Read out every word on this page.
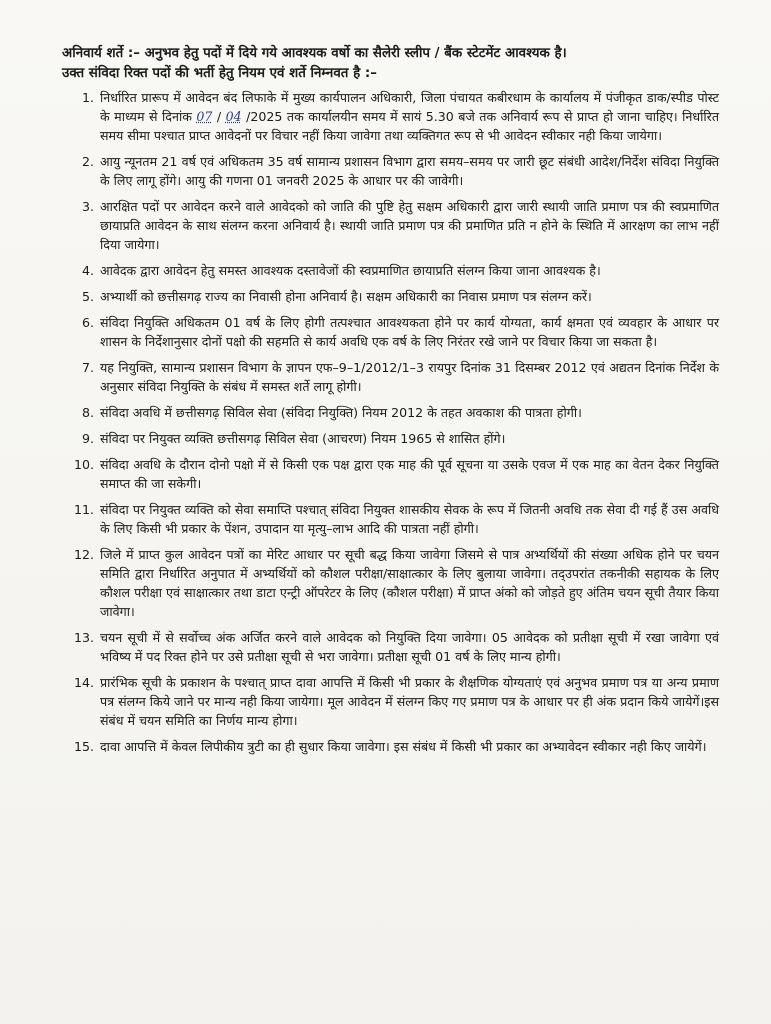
अनिवार्य शर्ते :– अनुभव हेतु पदों में दिये गये आवश्यक वर्षो का सैलेरी स्लीप / बैंक स्टेटमेंट आवश्यक है।

उक्त संविदा रिक्त पदों की भर्ती हेतु नियम एवं शर्ते निम्नवत है :–

1. निर्धारित प्रारूप में आवेदन बंद लिफाके में मुख्य कार्यपालन अधिकारी, जिला पंचायत कबीरधाम के कार्यालय में पंजीकृत डाक/स्पीड पोस्ट के माध्यम से दिनांक 07 / 04 /2025 तक कार्यालयीन समय में सायं 5.30 बजे तक अनिवार्य रूप से प्राप्त हो जाना चाहिए। निर्धारित समय सीमा पश्चात प्राप्त आवेदनों पर विचार नहीं किया जावेगा तथा व्यक्तिगत रूप से भी आवेदन स्वीकार नही किया जायेगा।
2. आयु न्यूनतम 21 वर्ष एवं अधिकतम 35 वर्ष सामान्य प्रशासन विभाग द्वारा समय–समय पर जारी छूट संबंधी आदेश/निर्देश संविदा नियुक्ति के लिए लागू होंगे। आयु की गणना 01 जनवरी 2025 के आधार पर की जावेगी।
3. आरक्षित पदों पर आवेदन करने वाले आवेदको को जाति की पुष्टि हेतु सक्षम अधिकारी द्वारा जारी स्थायी जाति प्रमाण पत्र की स्वप्रमाणित छायाप्रति आवेदन के साथ संलग्न करना अनिवार्य है। स्थायी जाति प्रमाण पत्र की प्रमाणित प्रति न होने के स्थिति में आरक्षण का लाभ नहीं दिया जायेगा।
4. आवेदक द्वारा आवेदन हेतु समस्त आवश्यक दस्तावेजों की स्वप्रमाणित छायाप्रति संलग्न किया जाना आवश्यक है।
5. अभ्यार्थी को छत्तीसगढ़ राज्य का निवासी होना अनिवार्य है। सक्षम अधिकारी का निवास प्रमाण पत्र संलग्न करें।
6. संविदा नियुक्ति अधिकतम 01 वर्ष के लिए होगी तत्पश्चात आवश्यकता होने पर कार्य योग्यता, कार्य क्षमता एवं व्यवहार के आधार पर शासन के निर्देशानुसार दोनों पक्षो की सहमति से कार्य अवधि एक वर्ष के लिए निरंतर रखे जाने पर विचार किया जा सकता है।
7. यह नियुक्ति, सामान्य प्रशासन विभाग के ज्ञापन एफ–9–1/2012/1–3 रायपुर दिनांक 31 दिसम्बर 2012 एवं अद्यतन दिनांक निर्देश के अनुसार संविदा नियुक्ति के संबंध में समस्त शर्ते लागू होगी।
8. संविदा अवधि में छत्तीसगढ़ सिविल सेवा (संविदा नियुक्ति) नियम 2012 के तहत अवकाश की पात्रता होगी।
9. संविदा पर नियुक्त व्यक्ति छत्तीसगढ़ सिविल सेवा (आचरण) नियम 1965 से शासित होंगे।
10. संविदा अवधि के दौरान दोनो पक्षो में से किसी एक पक्ष द्वारा एक माह की पूर्व सूचना या उसके एवज में एक माह का वेतन देकर नियुक्ति समाप्त की जा सकेगी।
11. संविदा पर नियुक्त व्यक्ति को सेवा समाप्ति पश्चात् संविदा नियुक्त शासकीय सेवक के रूप में जितनी अवधि तक सेवा दी गई हैं उस अवधि के लिए किसी भी प्रकार के पेंशन, उपादान या मृत्यु–लाभ आदि की पात्रता नहीं होगी।
12. जिले में प्राप्त कुल आवेदन पत्रों का मेरिट आधार पर सूची बद्ध किया जावेगा जिसमे से पात्र अभ्यर्थियों की संख्या अधिक होने पर चयन समिति द्वारा निर्धारित अनुपात में अभ्यर्थियों को कौशल परीक्षा/साक्षात्कार के लिए बुलाया जावेगा। तद्उपरांत तकनीकी सहायक के लिए कौशल परीक्षा एवं साक्षात्कार तथा डाटा एन्ट्री ऑपरेटर के लिए (कौशल परीक्षा) में प्राप्त अंको को जोड़ते हुए अंतिम चयन सूची तैयार किया जावेगा।
13. चयन सूची में से सर्वोच्च अंक अर्जित करने वाले आवेदक को नियुक्ति दिया जावेगा। 05 आवेदक को प्रतीक्षा सूची में रखा जावेगा एवं भविष्य में पद रिक्त होने पर उसे प्रतीक्षा सूची से भरा जावेगा। प्रतीक्षा सूची 01 वर्ष के लिए मान्य होगी।
14. प्रारंभिक सूची के प्रकाशन के पश्चात् प्राप्त दावा आपत्ति में किसी भी प्रकार के शैक्षणिक योग्यताएं एवं अनुभव प्रमाण पत्र या अन्य प्रमाण पत्र संलग्न किये जाने पर मान्य नही किया जायेगा। मूल आवेदन में संलग्न किए गए प्रमाण पत्र के आधार पर ही अंक प्रदान किये जायेगें।इस संबंध में चयन समिति का निर्णय मान्य होगा।
15. दावा आपत्ति में केवल लिपीकीय त्रुटी का ही सुधार किया जावेगा। इस संबंध में किसी भी प्रकार का अभ्यावेदन स्वीकार नही किए जायेगें।
